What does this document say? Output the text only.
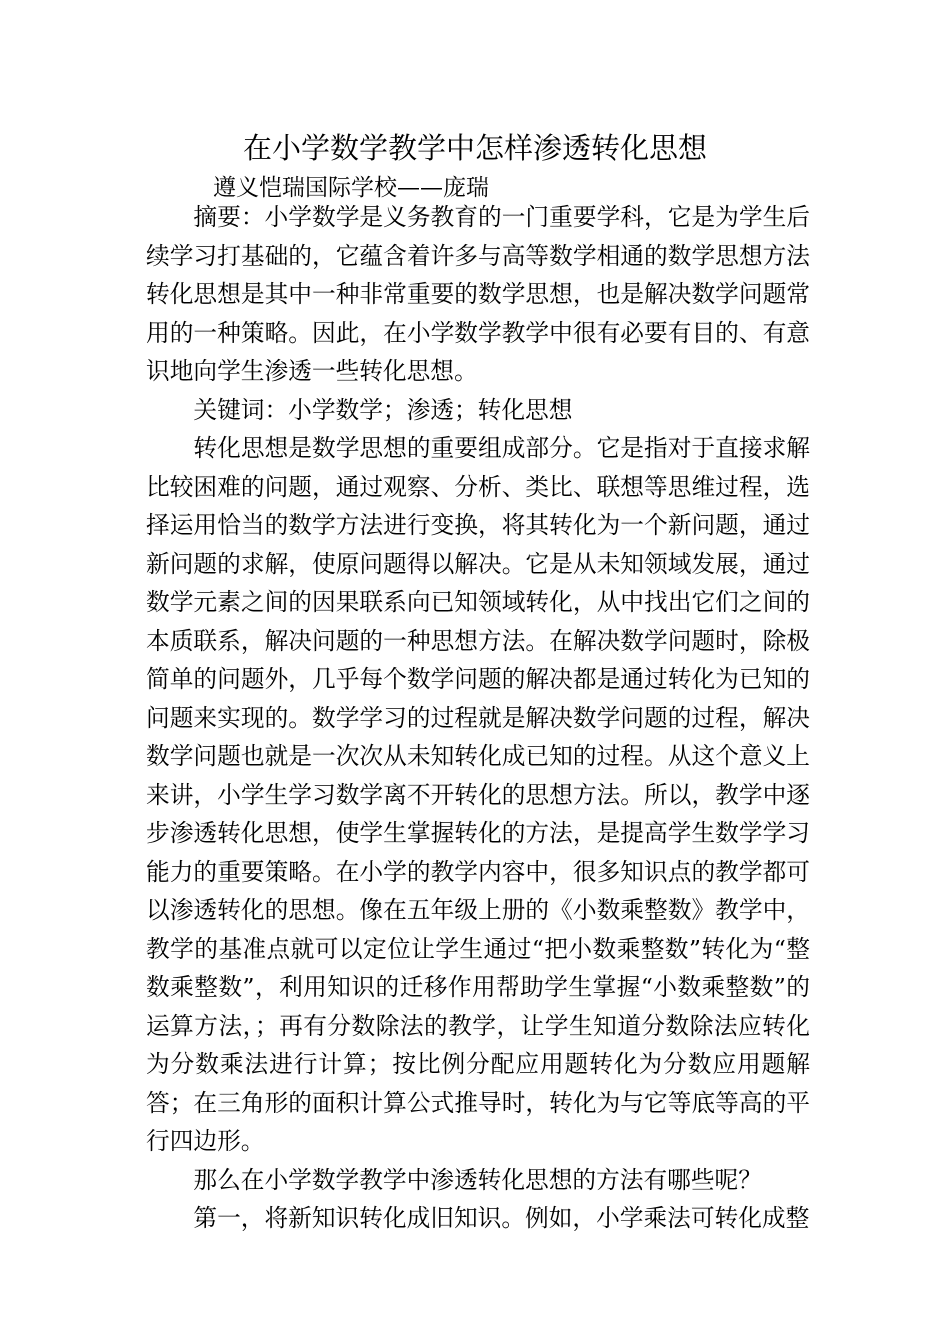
在小学数学教学中怎样渗透转化思想
遵义恺瑞国际学校——庞瑞

摘要：小学数学是义务教育的一门重要学科，它是为学生后续学习打基础的，它蕴含着许多与高等数学相通的数学思想方法转化思想是其中一种非常重要的数学思想，也是解决数学问题常用的一种策略。因此，在小学数学教学中很有必要有目的、有意识地向学生渗透一些转化思想。

关键词：小学数学；渗透；转化思想

转化思想是数学思想的重要组成部分。它是指对于直接求解比较困难的问题，通过观察、分析、类比、联想等思维过程，选择运用恰当的数学方法进行变换，将其转化为一个新问题，通过新问题的求解，使原问题得以解决。它是从未知领域发展，通过数学元素之间的因果联系向已知领域转化，从中找出它们之间的本质联系，解决问题的一种思想方法。在解决数学问题时，除极简单的问题外，几乎每个数学问题的解决都是通过转化为已知的问题来实现的。数学学习的过程就是解决数学问题的过程，解决数学问题也就是一次次从未知转化成已知的过程。从这个意义上来讲，小学生学习数学离不开转化的思想方法。所以，教学中逐步渗透转化思想，使学生掌握转化的方法，是提高学生数学学习能力的重要策略。在小学的教学内容中，很多知识点的教学都可以渗透转化的思想。像在五年级上册的《小数乘整数》教学中，教学的基准点就可以定位让学生通过“把小数乘整数”转化为“整数乘整数”，利用知识的迁移作用帮助学生掌握“小数乘整数”的运算方法，；再有分数除法的教学，让学生知道分数除法应转化为分数乘法进行计算；按比例分配应用题转化为分数应用题解答；在三角形的面积计算公式推导时，转化为与它等底等高的平行四边形。

那么在小学数学教学中渗透转化思想的方法有哪些呢？

第一，将新知识转化成旧知识。例如，小学乘法可转化成整
